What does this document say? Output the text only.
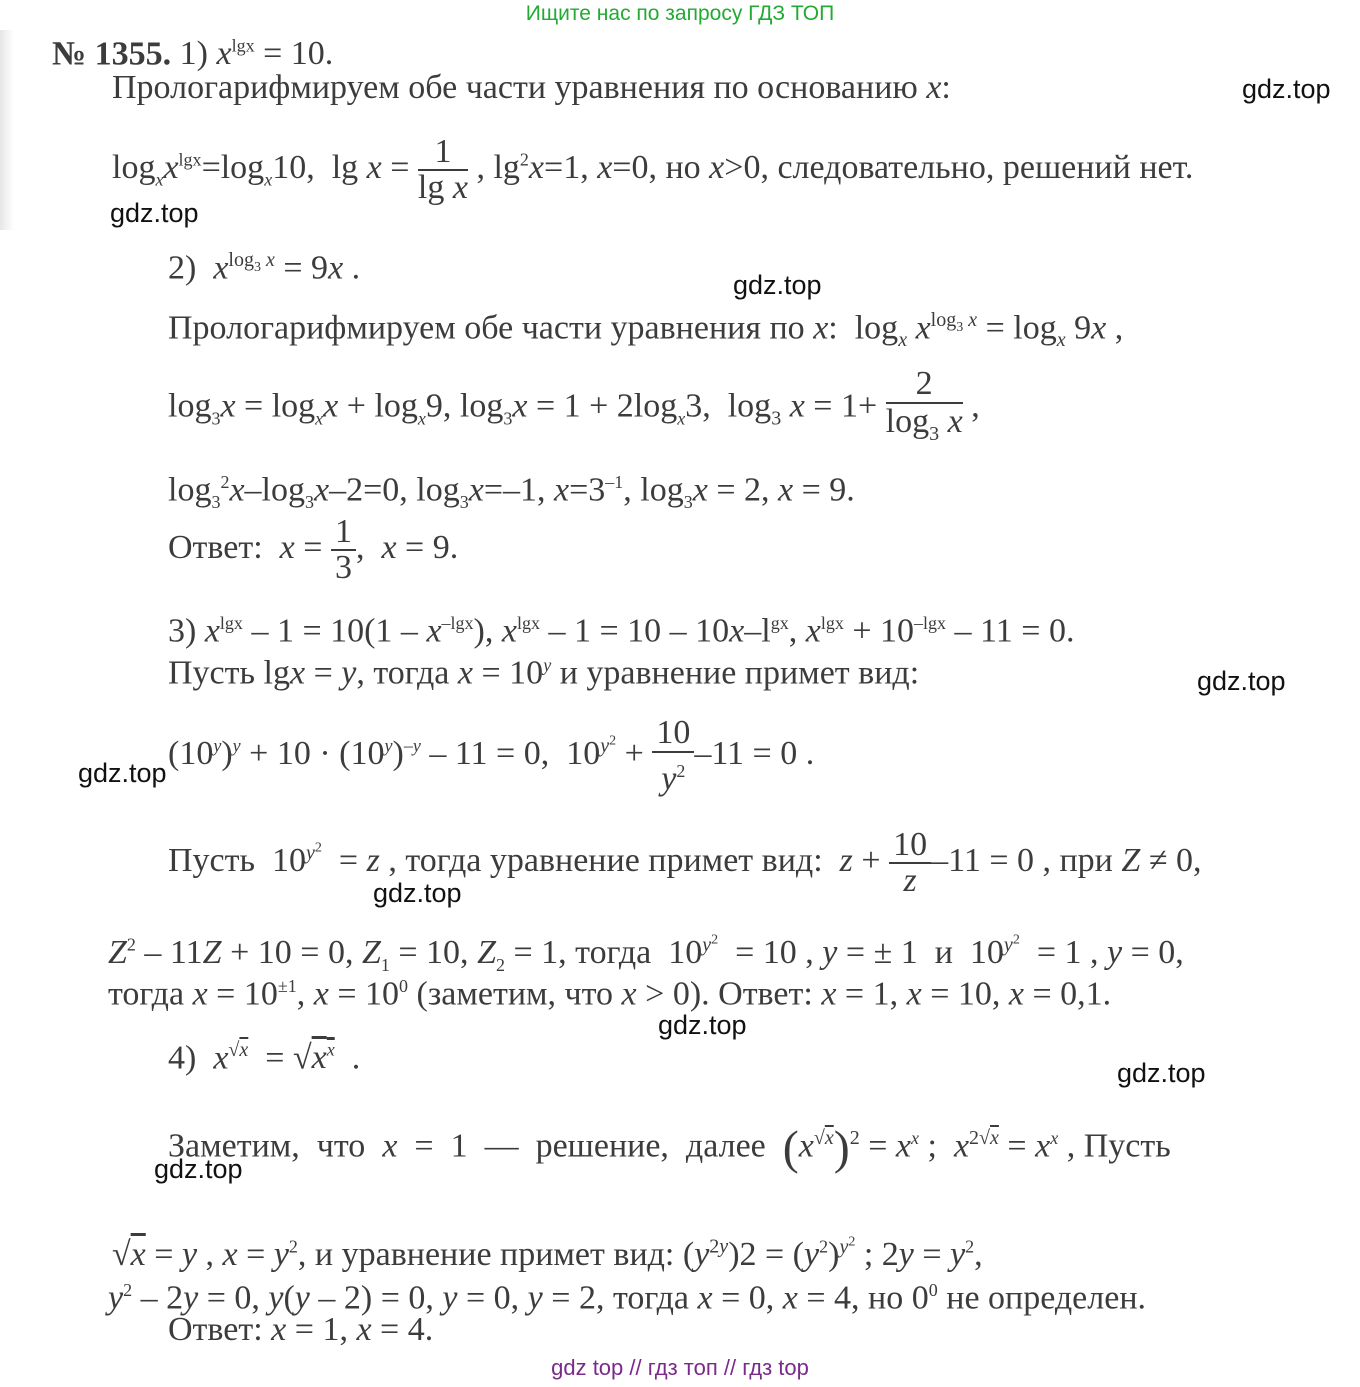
Ищите нас по запросу ГДЗ ТОП
№ 1355. 1) $x^{lgx} = 10$.
Прологарифмируем обе части уравнения по основанию x:
$\log_xx^{lgx}=\log_x10$,  $\lg x = \frac{1}{\text{lg x}}$ , $\lg^2x=1$, x=0, но x>0, следовательно, решений нет.
2)  $x^{log_3 x} = 9x$ .
Прологарифмируем обе части уравнения по x:  $\log_x x^{log_3 x} = \log_x 9x$ ,
$\log_3x = \log_xx + \log_x9$, $\log_3x = 1 + 2\log_x3$,  $\log_3 x = 1+ \frac{2}{\log_3 x}$ ,
$\log_3^2x-\log_3x-2=0$, $\log_3x=-1$, $x=3^{-1}$, $\log_3x = 2$, x = 9.
Ответ:  $x = \frac{1}{3}$ ,  x = 9.
3) $x^{lgx} - 1 = 10(1 - x^{-lgx})$, $x^{lgx} - 1 = 10 - 10x-l^{gx}$, $x^{lgx} + 10^{-lgx} - 11 = 0$.
Пусть lgx = y, тогда $x = 10^y$ и уравнение примет вид:
$(10^y)^y + 10 \cdot (10^y)^{-y} - 11 = 0$,  $10^{y^2} + \frac{10}{y^2} -11 = 0$ .
Пусть  $10^{y^2} = z$ , тогда уравнение примет вид:  $z + \frac{10}{z} -11 = 0$ , при Z ≠ 0,
$Z^2 - 11Z + 10 = 0$, $Z_1 = 10$, $Z_2 = 1$, тогда  $10^{y^2} = 10$ , y = ± 1  и  $10^{y^2} = 1$ , y = 0,
тогда $x = 10^{\pm 1}$, $x = 10^0$ (заметим, что x > 0). Ответ: x = 1, x = 10, x = 0,1.
4)  $x^{√x} = √x^x$  .
Заметим,  что  x  =  1  —  решение,  далее  $(x^{√x})^2 = x^x$ ;  $x^{2√x} = x^x$ , Пусть
√x = y , $x = y^2$, и уравнение примет вид: $(y^{2y})2 = (y^2)^{y^2}$ ; $2y = y^2$,
$y^2 - 2y = 0$, y(y – 2) = 0, y = 0, y = 2, тогда x = 0, x = 4, но $0^0$ не определен.
Ответ: x = 1, x = 4.
gdz.top
gdz.top
gdz.top
gdz.top
gdz.top
gdz.top
gdz.top
gdz.top
gdz.top
gdz top // гдз топ // гдз top
